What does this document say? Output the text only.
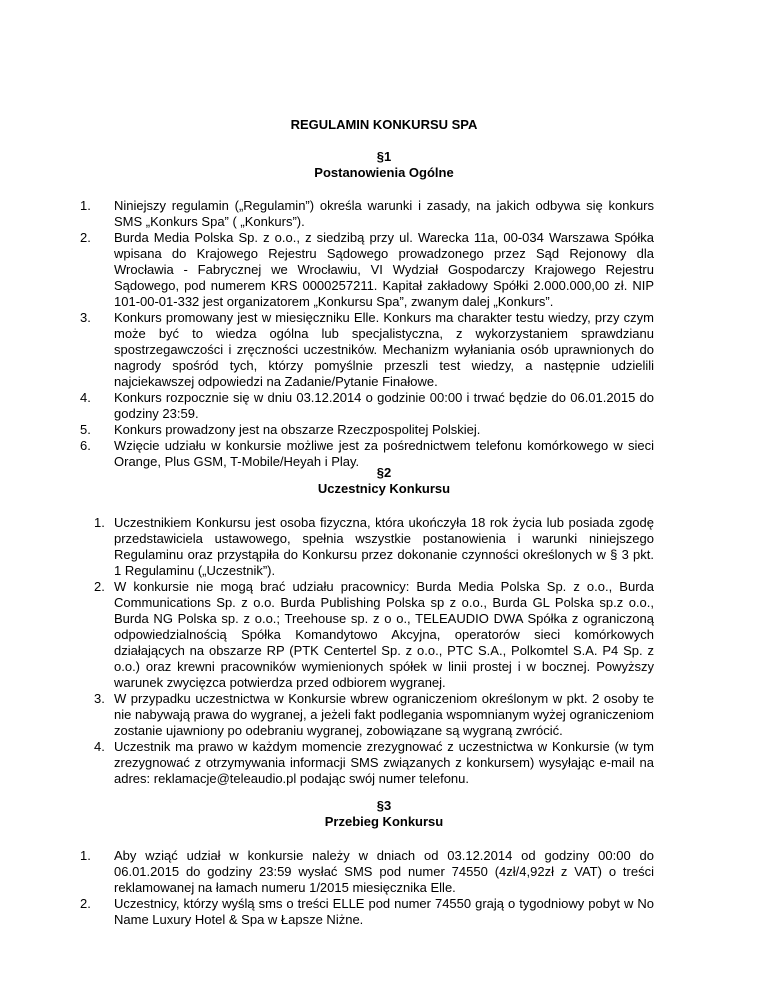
REGULAMIN KONKURSU SPA
§1
Postanowienia Ogólne
1. Niniejszy regulamin („Regulamin”) określa warunki i zasady, na jakich odbywa się konkurs SMS „Konkurs Spa” ( „Konkurs”).
2. Burda Media Polska Sp. z o.o., z siedzibą przy ul. Warecka 11a, 00-034 Warszawa Spółka wpisana do Krajowego Rejestru Sądowego prowadzonego przez Sąd Rejonowy dla Wrocławia - Fabrycznej we Wrocławiu, VI Wydział Gospodarczy Krajowego Rejestru Sądowego, pod numerem KRS 0000257211. Kapitał zakładowy Spółki 2.000.000,00 zł. NIP 101-00-01-332 jest organizatorem „Konkursu Spa”, zwanym dalej „Konkurs”.
3. Konkurs promowany jest w miesięczniku Elle. Konkurs ma charakter testu wiedzy, przy czym może być to wiedza ogólna lub specjalistyczna, z wykorzystaniem sprawdzianu spostrzegawczości i zręczności uczestników. Mechanizm wyłaniania osób uprawnionych do nagrody spośród tych, którzy pomyślnie przeszli test wiedzy, a następnie udzielili najciekawszej odpowiedzi na Zadanie/Pytanie Finałowe.
4. Konkurs rozpocznie się w dniu 03.12.2014 o godzinie 00:00 i trwać będzie do 06.01.2015 do godziny 23:59.
5. Konkurs prowadzony jest na obszarze Rzeczpospolitej Polskiej.
6. Wzięcie udziału w konkursie możliwe jest za pośrednictwem telefonu komórkowego w sieci Orange, Plus GSM, T-Mobile/Heyah i Play.
§2
Uczestnicy Konkursu
1. Uczestnikiem Konkursu jest osoba fizyczna, która ukończyła 18 rok życia lub posiada zgodę przedstawiciela ustawowego, spełnia wszystkie postanowienia i warunki niniejszego Regulaminu oraz przystąpiła do Konkursu przez dokonanie czynności określonych w § 3 pkt. 1 Regulaminu („Uczestnik”).
2. W konkursie nie mogą brać udziału pracownicy: Burda Media Polska Sp. z o.o., Burda Communications Sp. z o.o. Burda Publishing Polska sp z o.o., Burda GL Polska sp.z o.o., Burda NG Polska sp. z o.o.; Treehouse sp. z o o., TELEAUDIO DWA Spółka z ograniczoną odpowiedzialnością Spółka Komandytowo Akcyjna, operatorów sieci komórkowych działających na obszarze RP (PTK Centertel Sp. z o.o., PTC S.A., Polkomtel S.A. P4 Sp. z o.o.) oraz krewni pracowników wymienionych spółek w linii prostej i w bocznej. Powyższy warunek zwycięzca potwierdza przed odbiorem wygranej.
3. W przypadku uczestnictwa w Konkursie wbrew ograniczeniom określonym w pkt. 2 osoby te nie nabywają prawa do wygranej, a jeżeli fakt podlegania wspomnianym wyżej ograniczeniom zostanie ujawniony po odebraniu wygranej, zobowiązane są wygraną zwrócić.
4. Uczestnik ma prawo w każdym momencie zrezygnować z uczestnictwa w Konkursie (w tym zrezygnować z otrzymywania informacji SMS związanych z konkursem) wysyłając e-mail na adres: reklamacje@teleaudio.pl podając swój numer telefonu.
§3
Przebieg Konkursu
1. Aby wziąć udział w konkursie należy w dniach od 03.12.2014 od godziny 00:00 do 06.01.2015 do godziny 23:59 wysłać SMS pod numer 74550 (4zł/4,92zł z VAT) o treści reklamowanej na łamach numeru 1/2015 miesięcznika Elle.
2. Uczestnicy, którzy wyślą sms o treści ELLE pod numer 74550 grają o tygodniowy pobyt w No Name Luxury Hotel & Spa w Łapsze Niżne.
